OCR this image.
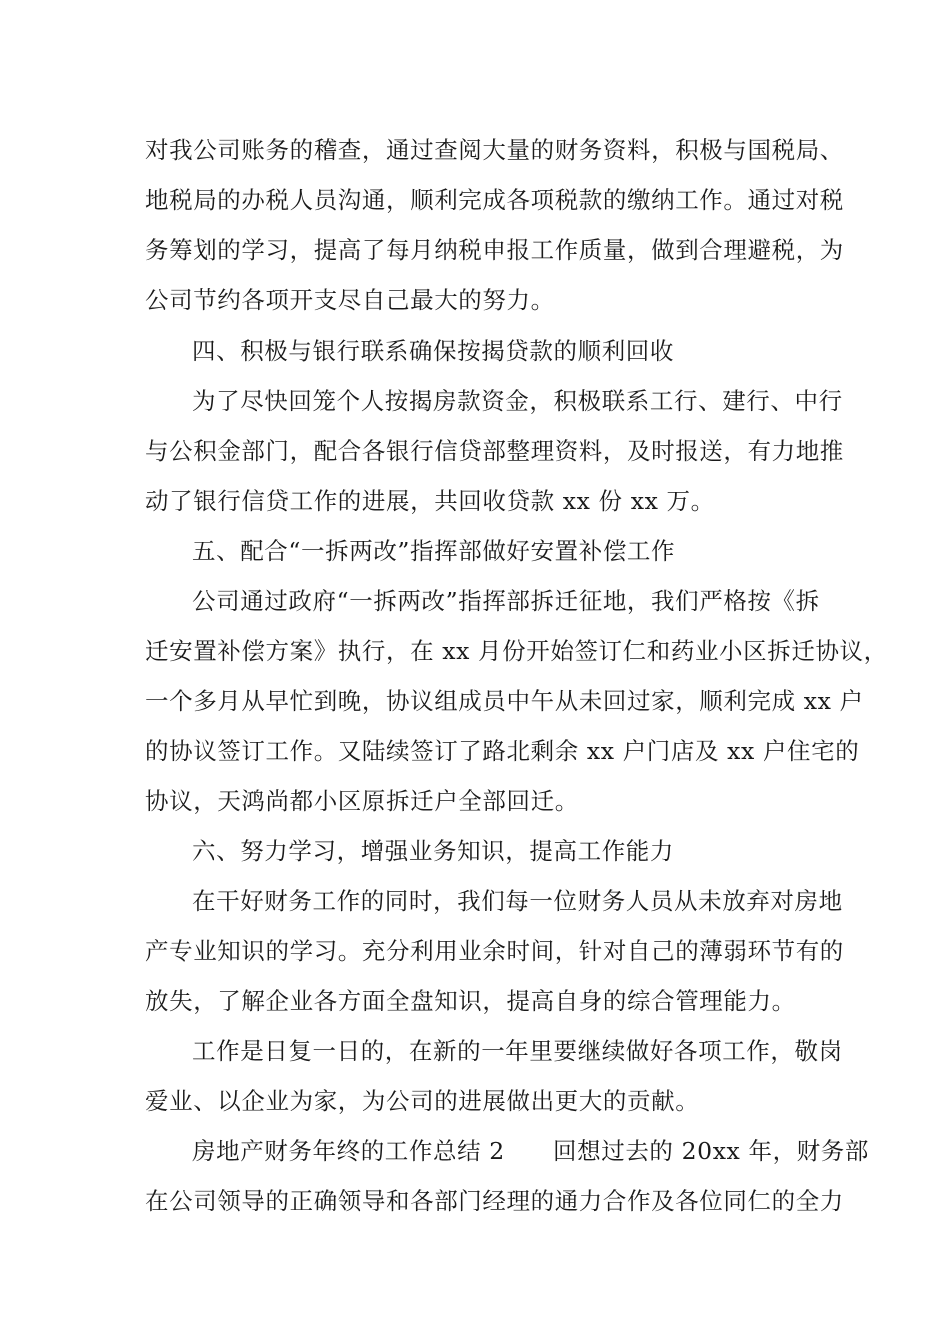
对我公司账务的稽查，通过查阅大量的财务资料，积极与国税局、
地税局的办税人员沟通，顺利完成各项税款的缴纳工作。通过对税
务筹划的学习，提高了每月纳税申报工作质量，做到合理避税，为
公司节约各项开支尽自己最大的努力。
四、积极与银行联系确保按揭贷款的顺利回收
为了尽快回笼个人按揭房款资金，积极联系工行、建行、中行
与公积金部门，配合各银行信贷部整理资料，及时报送，有力地推
动了银行信贷工作的进展，共回收贷款 xx 份 xx 万。
五、配合“一拆两改”指挥部做好安置补偿工作
公司通过政府“一拆两改”指挥部拆迁征地，我们严格按《拆
迁安置补偿方案》执行，在 xx 月份开始签订仁和药业小区拆迁协议，
一个多月从早忙到晚，协议组成员中午从未回过家，顺利完成 xx 户
的协议签订工作。又陆续签订了路北剩余 xx 户门店及 xx 户住宅的
协议，天鸿尚都小区原拆迁户全部回迁。
六、努力学习，增强业务知识，提高工作能力
在干好财务工作的同时，我们每一位财务人员从未放弃对房地
产专业知识的学习。充分利用业余时间，针对自己的薄弱环节有的
放失，了解企业各方面全盘知识，提高自身的综合管理能力。
工作是日复一日的，在新的一年里要继续做好各项工作，敬岗
爱业、以企业为家，为公司的进展做出更大的贡献。
房地产财务年终的工作总结 2　　回想过去的 20xx 年，财务部
在公司领导的正确领导和各部门经理的通力合作及各位同仁的全力
